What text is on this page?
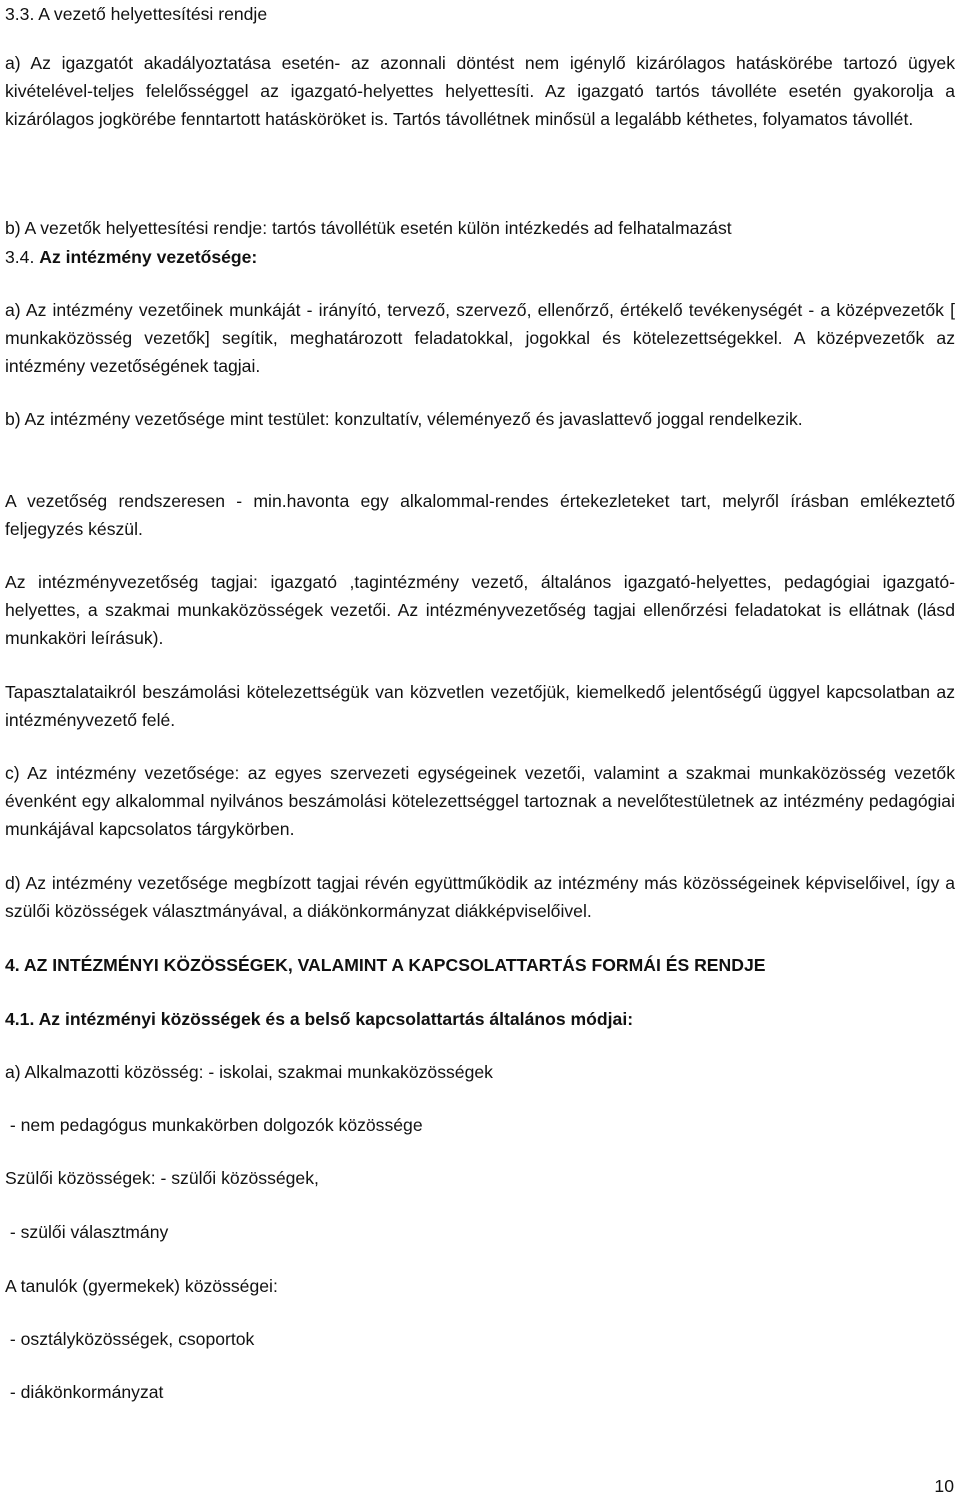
3.3. A vezető helyettesítési rendje

a) Az igazgatót akadályoztatása esetén- az azonnali döntést nem igénylő kizárólagos hatáskörébe tartozó ügyek kivételével-teljes felelősséggel az igazgató-helyettes helyettesíti. Az igazgató tartós távolléte esetén gyakorolja a kizárólagos jogkörébe fenntartott hatásköröket is. Tartós távollétnek minősül a legalább kéthetes, folyamatos távollét.

b) A vezetők helyettesítési rendje: tartós távollétük esetén külön intézkedés ad felhatalmazást

3.4. Az intézmény vezetősége:

a) Az intézmény vezetőinek munkáját - irányító, tervező, szervező, ellenőrző, értékelő tevékenységét - a középvezetők [ munkaközösség vezetők] segítik, meghatározott feladatokkal, jogokkal és kötelezettségekkel. A középvezetők az intézmény vezetőségének tagjai.

b) Az intézmény vezetősége mint testület: konzultatív, véleményező és javaslattevő joggal rendelkezik.

A vezetőség rendszeresen - min.havonta egy alkalommal-rendes értekezleteket tart, melyről írásban emlékeztető feljegyzés készül.

Az intézményvezetőség tagjai: igazgató ,tagintézmény vezető, általános igazgató-helyettes, pedagógiai igazgató-helyettes, a szakmai munkaközösségek vezetői. Az intézményvezetőség tagjai ellenőrzési feladatokat is ellátnak (lásd munkaköri leírásuk).

Tapasztalataikról beszámolási kötelezettségük van közvetlen vezetőjük, kiemelkedő jelentőségű üggyel kapcsolatban az intézményvezető felé.

c) Az intézmény vezetősége: az egyes szervezeti egységeinek vezetői, valamint a szakmai munkaközösség vezetők évenként egy alkalommal nyilvános beszámolási kötelezettséggel tartoznak a nevelőtestületnek az intézmény pedagógiai munkájával kapcsolatos tárgykörben.

d) Az intézmény vezetősége megbízott tagjai révén együttműködik az intézmény más közösségeinek képviselőivel, így a szülői közösségek választmányával, a diákönkormányzat diákképviselőivel.

4. AZ INTÉZMÉNYI KÖZÖSSÉGEK, VALAMINT A KAPCSOLATTARTÁS FORMÁI ÉS RENDJE

4.1. Az intézményi közösségek és a belső kapcsolattartás általános módjai:

a) Alkalmazotti közösség: - iskolai, szakmai munkaközösségek

- nem pedagógus munkakörben dolgozók közössége

Szülői közösségek: - szülői közösségek,

- szülői választmány

A tanulók (gyermekek) közösségei:

- osztályközösségek, csoportok

- diákönkormányzat

10
